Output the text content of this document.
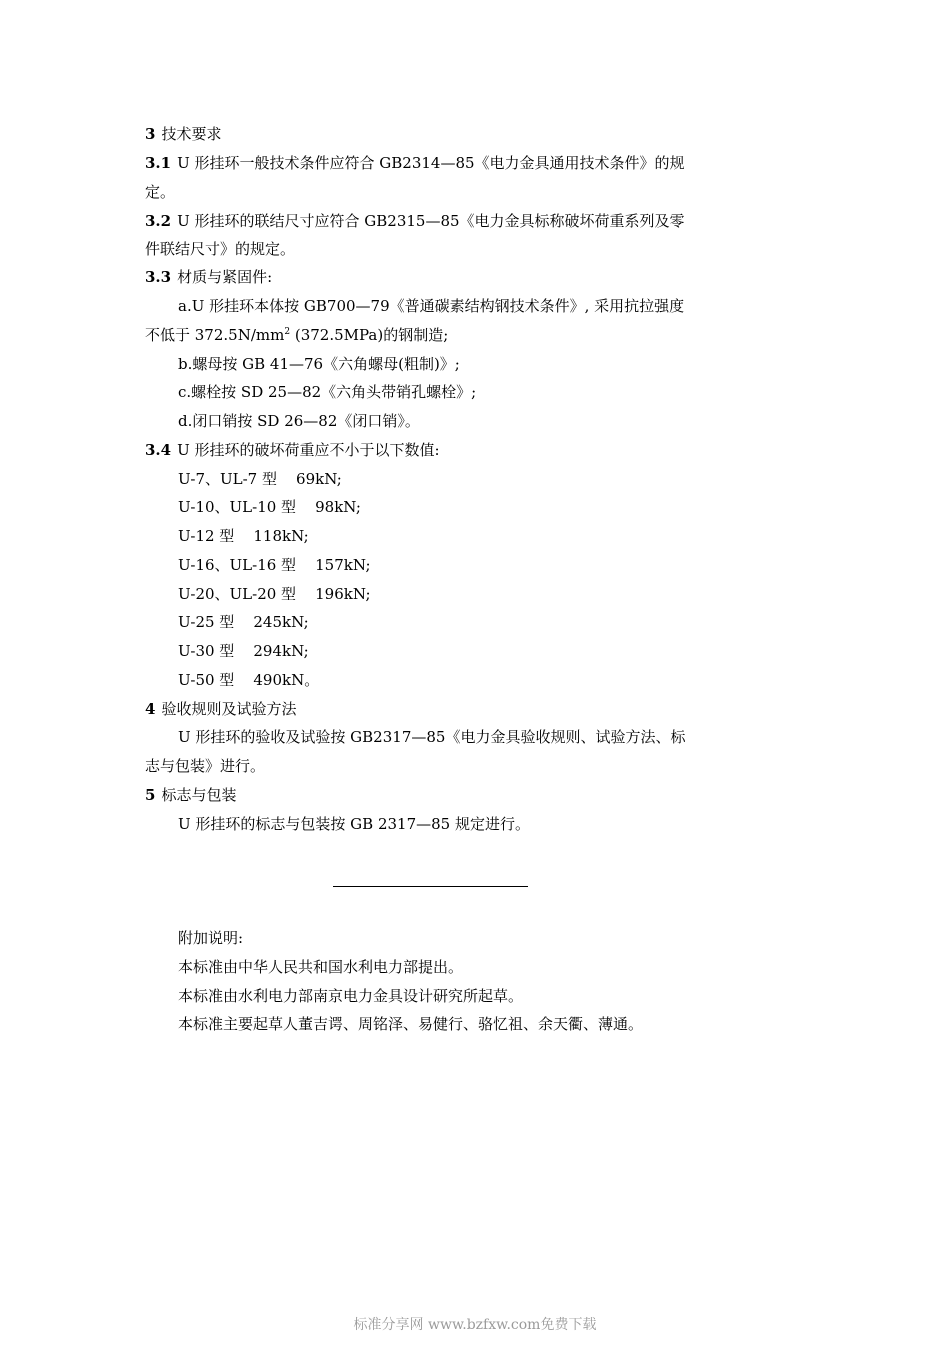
3 技术要求
3.1 U 形挂环一般技术条件应符合 GB2314—85《电力金具通用技术条件》的规
定。
3.2 U 形挂环的联结尺寸应符合 GB2315—85《电力金具标称破坏荷重系列及零
件联结尺寸》的规定。
3.3 材质与紧固件:
a.U 形挂环本体按 GB700—79《普通碳素结构钢技术条件》, 采用抗拉强度
不低于 $372.5N/mm^2$ (372.5MPa)的钢制造;
b.螺母按 GB 41—76《六角螺母(粗制)》;
c.螺栓按 SD 25—82《六角头带销孔螺栓》;
d.闭口销按 SD 26—82《闭口销》。
3.4 U 形挂环的破坏荷重应不小于以下数值:
U-7、UL-7 型    69kN;
U-10、UL-10 型    98kN;
U-12 型    118kN;
U-16、UL-16 型    157kN;
U-20、UL-20 型    196kN;
U-25 型    245kN;
U-30 型    294kN;
U-50 型    490kN。
4 验收规则及试验方法
U 形挂环的验收及试验按 GB2317—85《电力金具验收规则、试验方法、标
志与包装》进行。
5 标志与包装
U 形挂环的标志与包装按 GB 2317—85 规定进行。
附加说明:
本标准由中华人民共和国水利电力部提出。
本标准由水利电力部南京电力金具设计研究所起草。
本标准主要起草人董吉谔、周铭泽、易健行、骆忆祖、余天衢、薄通。
标准分享网 www.bzfxw.com免费下载
